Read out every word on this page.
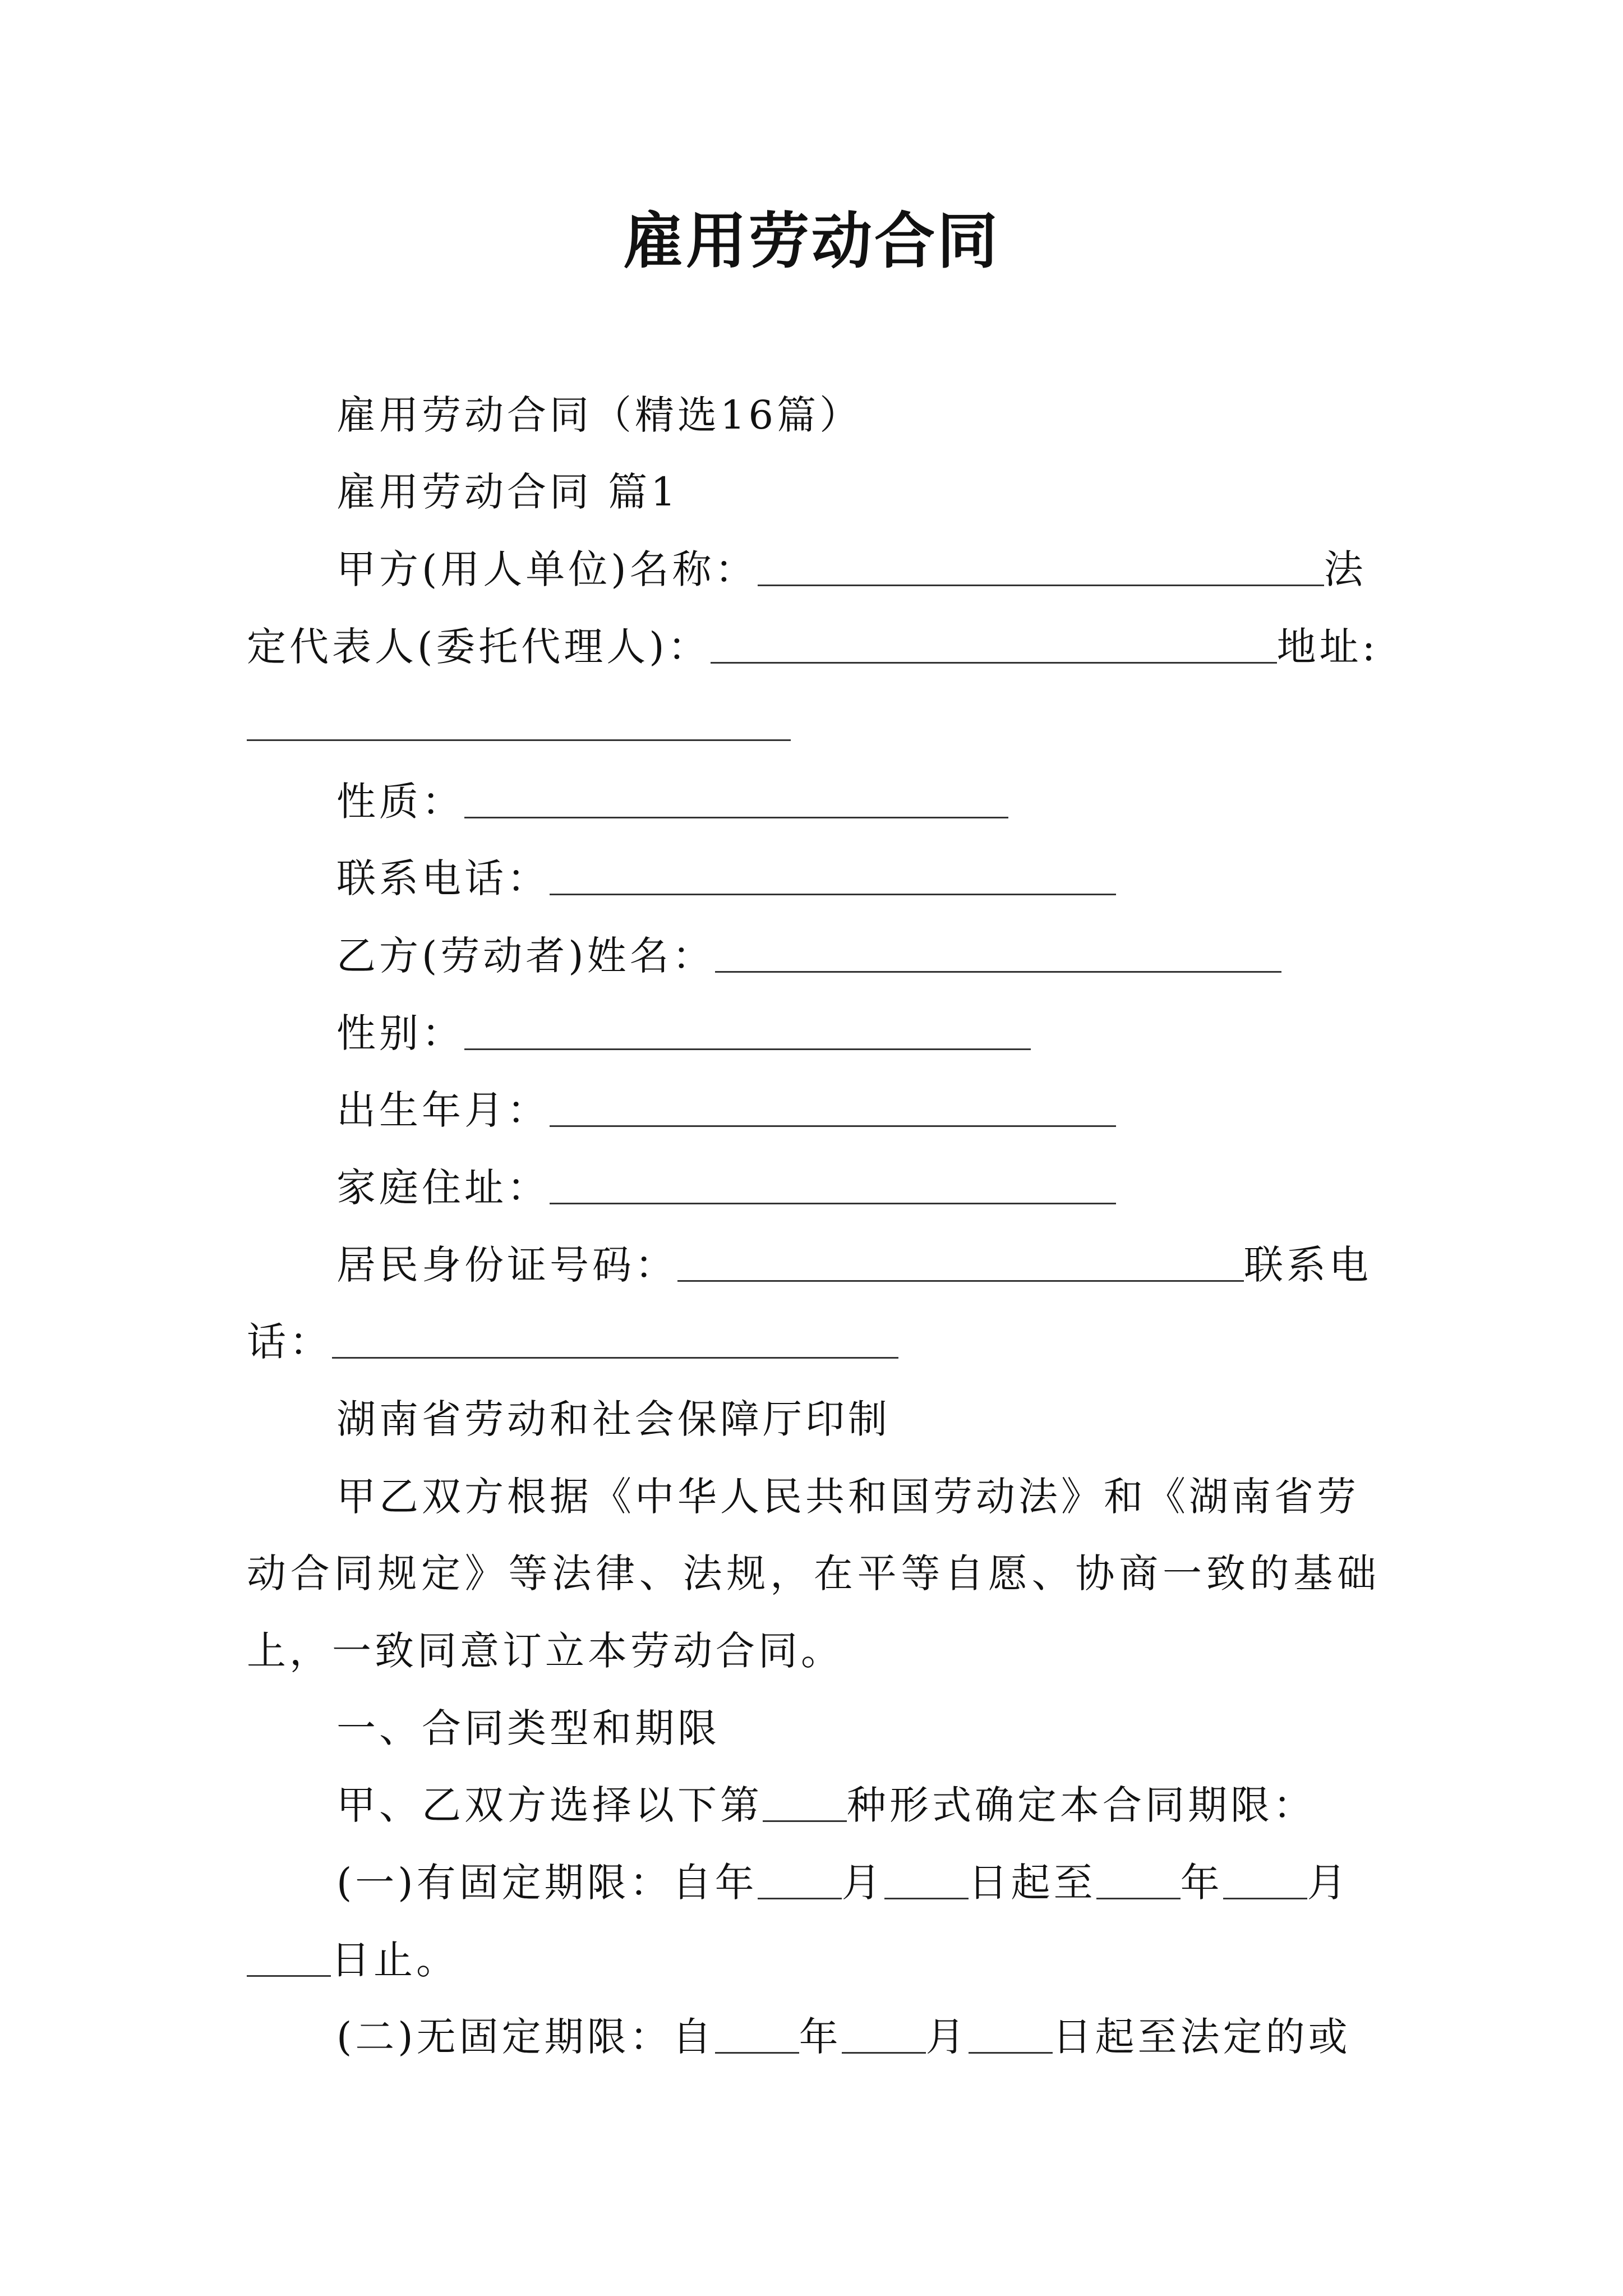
雇用劳动合同
雇用劳动合同（精选16篇）
雇用劳动合同 篇1
甲方(用人单位)名称：	法
定代表人(委托代理人)：	地址:
性质：
联系电话：
乙方(劳动者)姓名：
性别：
出生年月：
家庭住址：
居民身份证号码：	联系电
话：
湖南省劳动和社会保障厅印制
甲乙双方根据《中华人民共和国劳动法》和《湖南省劳
动合同规定》等法律、法规，在平等自愿、协商一致的基础
上，一致同意订立本劳动合同。
一、合同类型和期限
甲、乙双方选择以下第 种形式确定本合同期限：
(一)有固定期限：自年 月 日起至 年 月
日止。
(二)无固定期限：自 年 月 日起至法定的或
